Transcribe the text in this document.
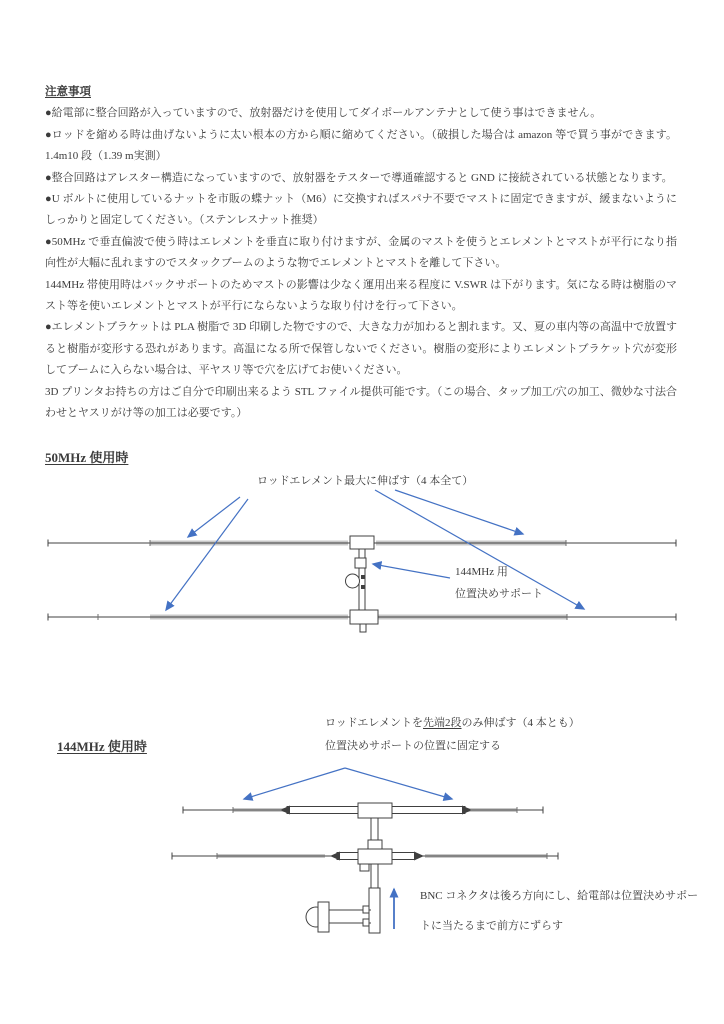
注意事項

●給電部に整合回路が入っていますので、放射器だけを使用してダイポールアンテナとして使う事はできません。

●ロッドを縮める時は曲げないように太い根本の方から順に縮めてください。（破損した場合は amazon 等で買う事ができます。1.4m10 段（1.39 m実測）

●整合回路はアレスター構造になっていますので、放射器をテスターで導通確認すると GND に接続されている状態となります。

●U ボルトに使用しているナットを市販の蝶ナット（M6）に交換すればスパナ不要でマストに固定できますが、緩まないようにしっかりと固定してください。（ステンレスナット推奨）

●50MHz で垂直偏波で使う時はエレメントを垂直に取り付けますが、金属のマストを使うとエレメントとマストが平行になり指向性が大幅に乱れますのでスタックブームのような物でエレメントとマストを離して下さい。

144MHz 帯使用時はバックサポートのためマストの影響は少なく運用出来る程度に V.SWR は下がります。気になる時は樹脂のマスト等を使いエレメントとマストが平行にならないような取り付けを行って下さい。

●エレメントブラケットは PLA 樹脂で 3D 印刷した物ですので、大きな力が加わると割れます。又、夏の車内等の高温中で放置すると樹脂が変形する恐れがあります。高温になる所で保管しないでください。樹脂の変形によりエレメントブラケット穴が変形してブームに入らない場合は、平ヤスリ等で穴を広げてお使いください。

3D プリンタお持ちの方はご自分で印刷出来るよう STL ファイル提供可能です。（この場合、タップ加工/穴の加工、微妙な寸法合わせとヤスリがけ等の加工は必要です。）

50MHz 使用時
ロッドエレメント最大に伸ばす（4 本全て）
144MHz 用
位置決めサポート
144MHz 使用時
ロッドエレメントを先端2段のみ伸ばす（4 本とも）
位置決めサポートの位置に固定する
BNC コネクタは後ろ方向にし、給電部は位置決めサポー
トに当たるまで前方にずらす
